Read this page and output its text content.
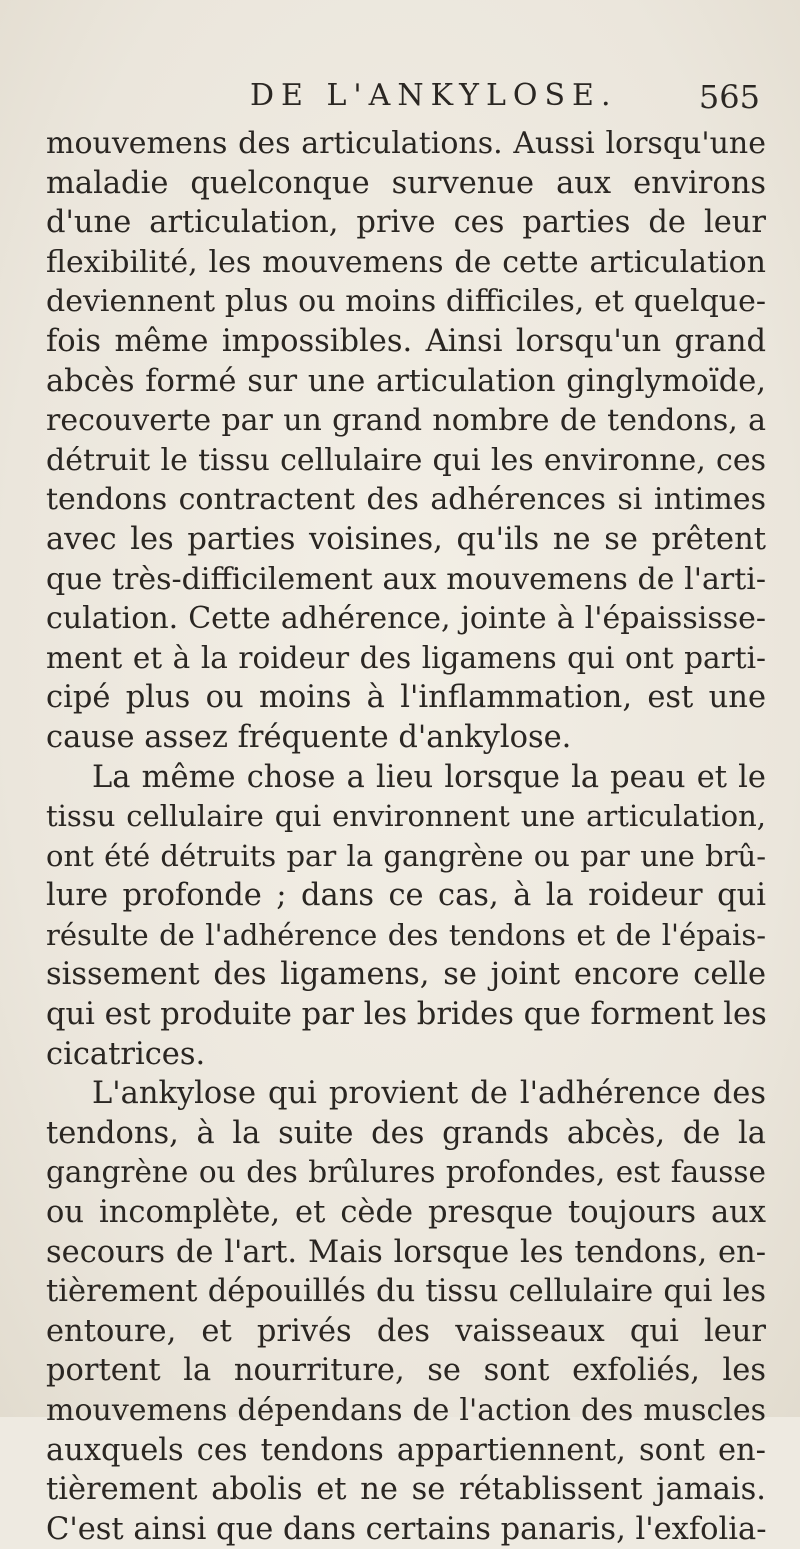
DE L'ANKYLOSE.	565
mouvemens des articulations. Aussi lorsqu'une
maladie quelconque survenue aux environs
d'une articulation, prive ces parties de leur
flexibilité, les mouvemens de cette articulation
deviennent plus ou moins difficiles, et quelque-
fois même impossibles. Ainsi lorsqu'un grand
abcès formé sur une articulation ginglymoïde,
recouverte par un grand nombre de tendons, a
détruit le tissu cellulaire qui les environne, ces
tendons contractent des adhérences si intimes
avec les parties voisines, qu'ils ne se prêtent
que très-difficilement aux mouvemens de l'arti-
culation. Cette adhérence, jointe à l'épaississe-
ment et à la roideur des ligamens qui ont parti-
cipé plus ou moins à l'inflammation, est une
cause assez fréquente d'ankylose.
La même chose a lieu lorsque la peau et le
tissu cellulaire qui environnent une articulation,
ont été détruits par la gangrène ou par une brû-
lure profonde ; dans ce cas, à la roideur qui
résulte de l'adhérence des tendons et de l'épais-
sissement des ligamens, se joint encore celle
qui est produite par les brides que forment les
cicatrices.
L'ankylose qui provient de l'adhérence des
tendons, à la suite des grands abcès, de la
gangrène ou des brûlures profondes, est fausse
ou incomplète, et cède presque toujours aux
secours de l'art. Mais lorsque les tendons, en-
tièrement dépouillés du tissu cellulaire qui les
entoure, et privés des vaisseaux qui leur
portent la nourriture, se sont exfoliés, les
mouvemens dépendans de l'action des muscles
auxquels ces tendons appartiennent, sont en-
tièrement abolis et ne se rétablissent jamais.
C'est ainsi que dans certains panaris, l'exfolia-
